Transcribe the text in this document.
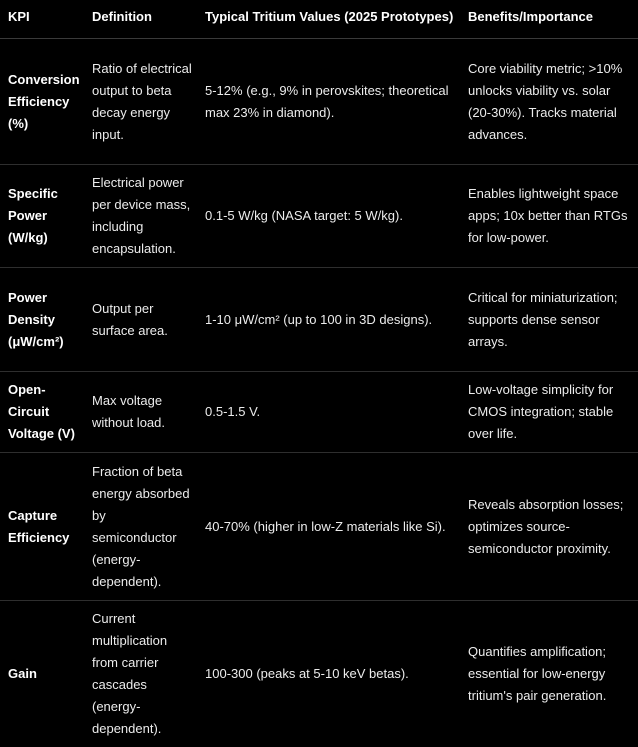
KPI	Definition	Typical Tritium Values (2025 Prototypes)	Benefits/Importance
Conversion Efficiency (%)	Ratio of electrical output to beta decay energy input.	5-12% (e.g., 9% in perovskites; theoretical max 23% in diamond).	Core viability metric; >10% unlocks viability vs. solar (20-30%). Tracks material advances.
Specific Power (W/kg)	Electrical power per device mass, including encapsulation.	0.1-5 W/kg (NASA target: 5 W/kg).	Enables lightweight space apps; 10x better than RTGs for low-power.
Power Density (μW/cm²)	Output per surface area.	1-10 μW/cm² (up to 100 in 3D designs).	Critical for miniaturization; supports dense sensor arrays.
Open-Circuit Voltage (V)	Max voltage without load.	0.5-1.5 V.	Low-voltage simplicity for CMOS integration; stable over life.
Capture Efficiency	Fraction of beta energy absorbed by semiconductor (energy-dependent).	40-70% (higher in low-Z materials like Si).	Reveals absorption losses; optimizes source-semiconductor proximity.
Gain	Current multiplication from carrier cascades (energy-dependent).	100-300 (peaks at 5-10 keV betas).	Quantifies amplification; essential for low-energy tritium's pair generation.
